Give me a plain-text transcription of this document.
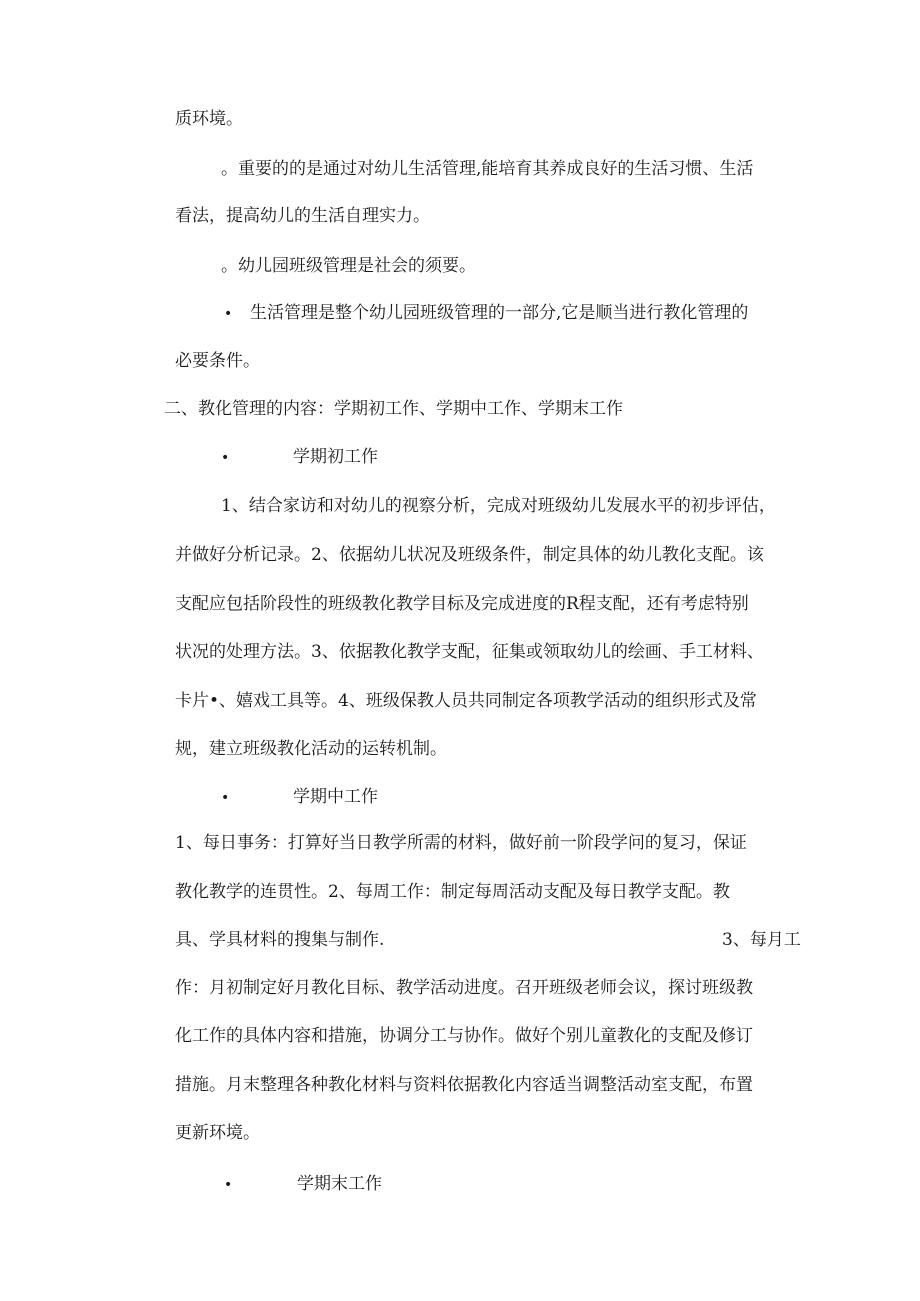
质环境。

。重要的的是通过对幼儿生活管理,能培育其养成良好的生活习惯、生活

看法，提高幼儿的生活自理实力。

。幼儿园班级管理是社会的须要。

• 生活管理是整个幼儿园班级管理的一部分,它是顺当进行教化管理的

必要条件。

二、教化管理的内容：学期初工作、学期中工作、学期末工作

•	学期初工作

1、结合家访和对幼儿的视察分析，完成对班级幼儿发展水平的初步评估，

并做好分析记录。2、依据幼儿状况及班级条件，制定具体的幼儿教化支配。该

支配应包括阶段性的班级教化教学目标及完成进度的R程支配，还有考虑特别

状况的处理方法。3、依据教化教学支配，征集或领取幼儿的绘画、手工材料、

卡片•、嬉戏工具等。4、班级保教人员共同制定各项教学活动的组织形式及常

规，建立班级教化活动的运转机制。

•	学期中工作

1、每日事务：打算好当日教学所需的材料，做好前一阶段学问的复习，保证

教化教学的连贯性。2、每周工作：制定每周活动支配及每日教学支配。教

具、学具材料的搜集与制作.	3、每月工

作：月初制定好月教化目标、教学活动进度。召开班级老师会议，探讨班级教

化工作的具体内容和措施，协调分工与协作。做好个别儿童教化的支配及修订

措施。月末整理各种教化材料与资料依据教化内容适当调整活动室支配，布置

更新环境。

•	学期末工作
